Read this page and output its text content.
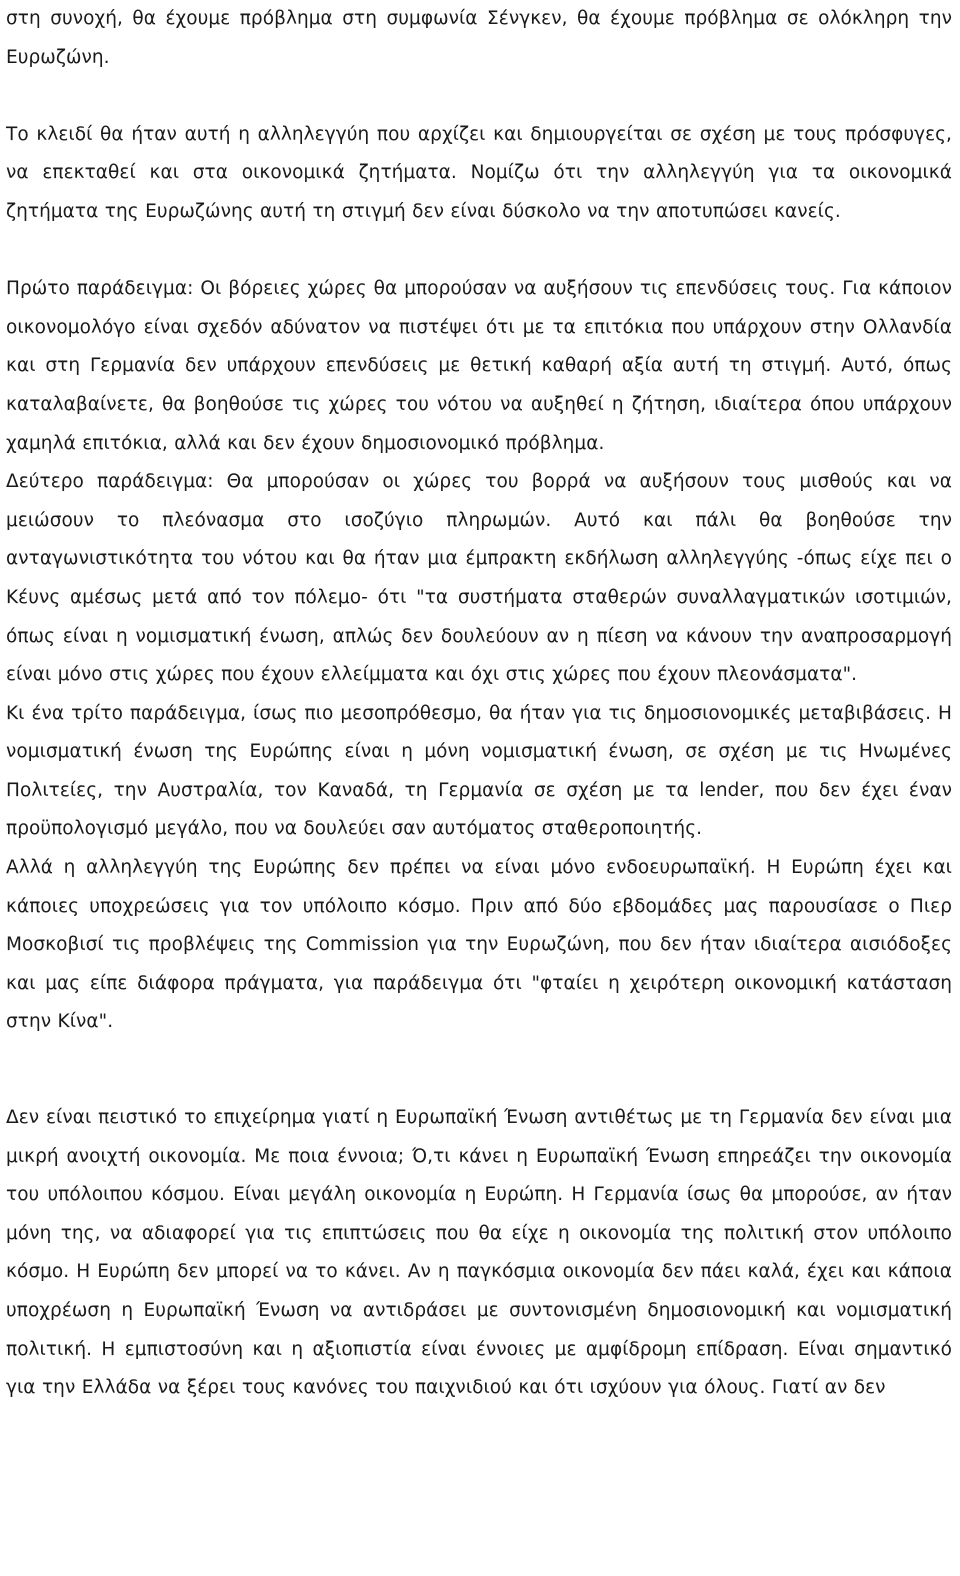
στη συνοχή, θα έχουμε πρόβλημα στη συμφωνία Σένγκεν, θα έχουμε πρόβλημα σε ολόκληρη την Ευρωζώνη.

Το κλειδί θα ήταν αυτή η αλληλεγγύη που αρχίζει και δημιουργείται σε σχέση με τους πρόσφυγες, να επεκταθεί και στα οικονομικά ζητήματα. Νομίζω ότι την αλληλεγγύη για τα οικονομικά ζητήματα της Ευρωζώνης αυτή τη στιγμή δεν είναι δύσκολο να την αποτυπώσει κανείς.

Πρώτο παράδειγμα: Οι βόρειες χώρες θα μπορούσαν να αυξήσουν τις επενδύσεις τους. Για κάποιον οικονομολόγο είναι σχεδόν αδύνατον να πιστέψει ότι με τα επιτόκια που υπάρχουν στην Ολλανδία και στη Γερμανία δεν υπάρχουν επενδύσεις με θετική καθαρή αξία αυτή τη στιγμή. Αυτό, όπως καταλαβαίνετε, θα βοηθούσε τις χώρες του νότου να αυξηθεί η ζήτηση, ιδιαίτερα όπου υπάρχουν χαμηλά επιτόκια, αλλά και δεν έχουν δημοσιονομικό πρόβλημα.

Δεύτερο παράδειγμα: Θα μπορούσαν οι χώρες του βορρά να αυξήσουν τους μισθούς και να μειώσουν το πλεόνασμα στο ισοζύγιο πληρωμών. Αυτό και πάλι θα βοηθούσε την ανταγωνιστικότητα του νότου και θα ήταν μια έμπρακτη εκδήλωση αλληλεγγύης -όπως είχε πει ο Κέυνς αμέσως μετά από τον πόλεμο- ότι "τα συστήματα σταθερών συναλλαγματικών ισοτιμιών, όπως είναι η νομισματική ένωση, απλώς δεν δουλεύουν αν η πίεση να κάνουν την αναπροσαρμογή είναι μόνο στις χώρες που έχουν ελλείμματα και όχι στις χώρες που έχουν πλεονάσματα".

Κι ένα τρίτο παράδειγμα, ίσως πιο μεσοπρόθεσμο, θα ήταν για τις δημοσιονομικές μεταβιβάσεις. Η νομισματική ένωση της Ευρώπης είναι η μόνη νομισματική ένωση, σε σχέση με τις Ηνωμένες Πολιτείες, την Αυστραλία, τον Καναδά, τη Γερμανία σε σχέση με τα lender, που δεν έχει έναν προϋπολογισμό μεγάλο, που να δουλεύει σαν αυτόματος σταθεροποιητής.

Αλλά η αλληλεγγύη της Ευρώπης δεν πρέπει να είναι μόνο ενδοευρωπαϊκή. Η Ευρώπη έχει και κάποιες υποχρεώσεις για τον υπόλοιπο κόσμο. Πριν από δύο εβδομάδες μας παρουσίασε ο Πιερ Μοσκοβισί τις προβλέψεις της Commission για την Ευρωζώνη, που δεν ήταν ιδιαίτερα αισιόδοξες και μας είπε διάφορα πράγματα, για παράδειγμα ότι "φταίει η χειρότερη οικονομική κατάσταση στην Κίνα".

Δεν είναι πειστικό το επιχείρημα γιατί η Ευρωπαϊκή Ένωση αντιθέτως με τη Γερμανία δεν είναι μια μικρή ανοιχτή οικονομία. Με ποια έννοια; Ό,τι κάνει η Ευρωπαϊκή Ένωση επηρεάζει την οικονομία του υπόλοιπου κόσμου. Είναι μεγάλη οικονομία η Ευρώπη. Η Γερμανία ίσως θα μπορούσε, αν ήταν μόνη της, να αδιαφορεί για τις επιπτώσεις που θα είχε η οικονομία της πολιτική στον υπόλοιπο κόσμο. Η Ευρώπη δεν μπορεί να το κάνει. Αν η παγκόσμια οικονομία δεν πάει καλά, έχει και κάποια υποχρέωση η Ευρωπαϊκή Ένωση να αντιδράσει με συντονισμένη δημοσιονομική και νομισματική πολιτική. Η εμπιστοσύνη και η αξιοπιστία είναι έννοιες με αμφίδρομη επίδραση. Είναι σημαντικό για την Ελλάδα να ξέρει τους κανόνες του παιχνιδιού και ότι ισχύουν για όλους. Γιατί αν δεν
